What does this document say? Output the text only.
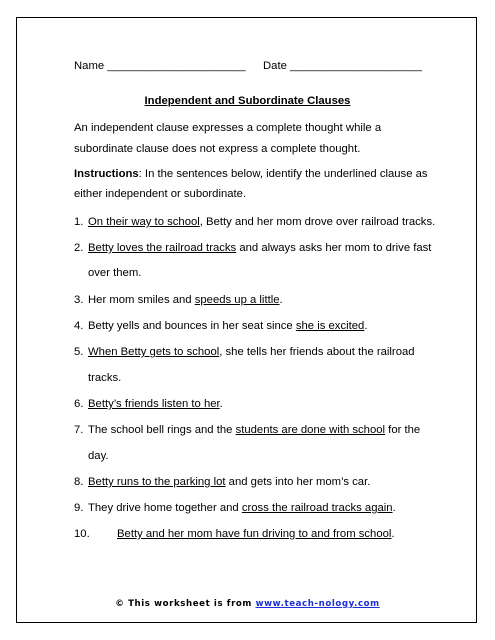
Name ______________________ Date _____________________
Independent and Subordinate Clauses
An independent clause expresses a complete thought while a
subordinate clause does not express a complete thought.
Instructions: In the sentences below, identify the underlined clause as
either independent or subordinate.
1. On their way to school, Betty and her mom drove over railroad tracks.
2. Betty loves the railroad tracks and always asks her mom to drive fast
over them.
3. Her mom smiles and speeds up a little.
4. Betty yells and bounces in her seat since she is excited.
5. When Betty gets to school, she tells her friends about the railroad
tracks.
6. Betty’s friends listen to her.
7. The school bell rings and the students are done with school for the
day.
8. Betty runs to the parking lot and gets into her mom’s car.
9. They drive home together and cross the railroad tracks again.
10. Betty and her mom have fun driving to and from school.
© This worksheet is from www.teach-nology.com
